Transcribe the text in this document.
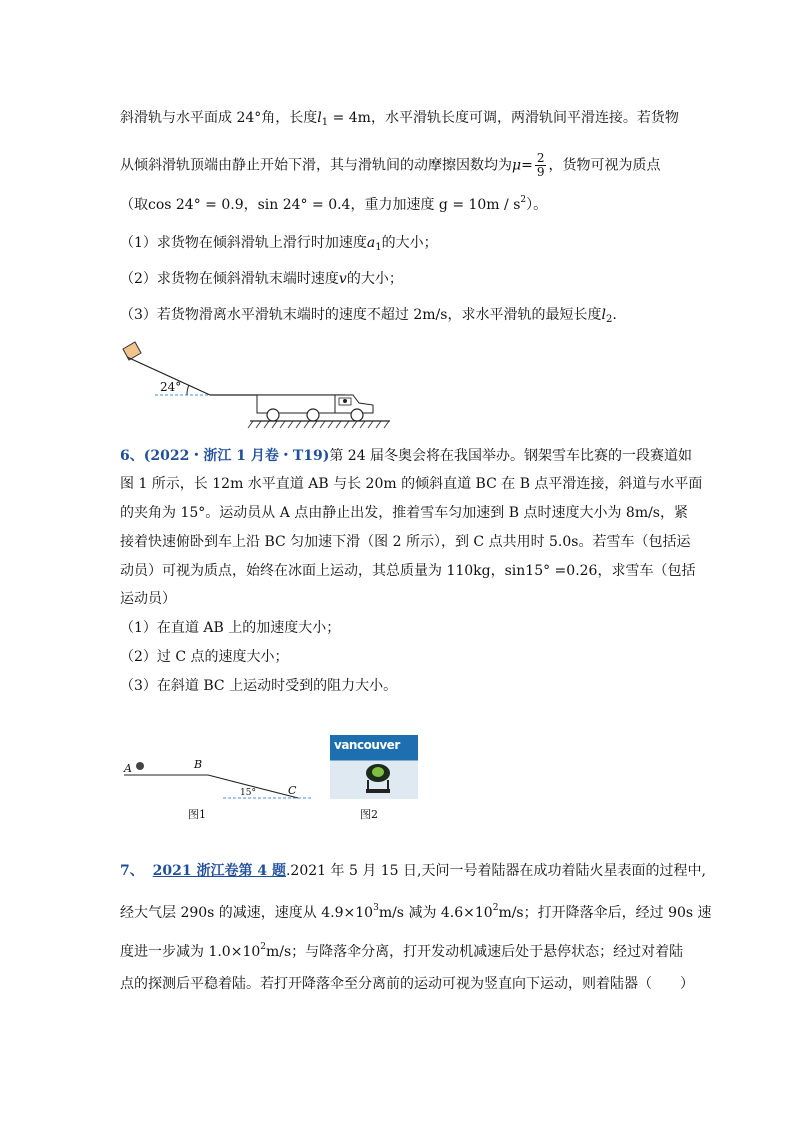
斜滑轨与水平面成 24°角，长度$l_1 = 4m$，水平滑轨长度可调，两滑轨间平滑连接。若货物
从倾斜滑轨顶端由静止开始下滑，其与滑轨间的动摩擦因数均为$\mu= \frac{2}{9}$ ，货物可视为质点
（取cos 24° = 0.9，sin 24° = 0.4，重力加速度 $g = 10m / s^2$）。
（1）求货物在倾斜滑轨上滑行时加速度$a_1$的大小；
（2）求货物在倾斜滑轨末端时速度v的大小；
（3）若货物滑离水平滑轨末端时的速度不超过 2m/s，求水平滑轨的最短长度$l_2$.
24°
6、(2022・浙江 1 月卷・T19)第 24 届冬奥会将在我国举办。钢架雪车比赛的一段赛道如
图 1 所示，长 12m 水平直道 AB 与长 20m 的倾斜直道 BC 在 B 点平滑连接，斜道与水平面
的夹角为 15°。运动员从 A 点由静止出发，推着雪车匀加速到 B 点时速度大小为 8m/s，紧
接着快速俯卧到车上沿 BC 匀加速下滑（图 2 所示），到 C 点共用时 5.0s。若雪车（包括运
动员）可视为质点，始终在冰面上运动，其总质量为 110kg，sin15° =0.26，求雪车（包括
运动员）
（1）在直道 AB 上的加速度大小；
（2）过 C 点的速度大小；
（3）在斜道 BC 上运动时受到的阻力大小。
A	B
15°	C
图1
vancouver
图2
7、 2021 浙江卷第 4 题.2021 年 5 月 15 日,天问一号着陆器在成功着陆火星表面的过程中,
经大气层 290s 的减速，速度从 $4.9\times 10^3m/s$ 减为 $4.6\times 10^2m/s$；打开降落伞后，经过 90s 速
度进一步减为 $1.0\times 10^2m/s$；与降落伞分离，打开发动机减速后处于悬停状态；经过对着陆
点的探测后平稳着陆。若打开降落伞至分离前的运动可视为竖直向下运动，则着陆器（　　）
